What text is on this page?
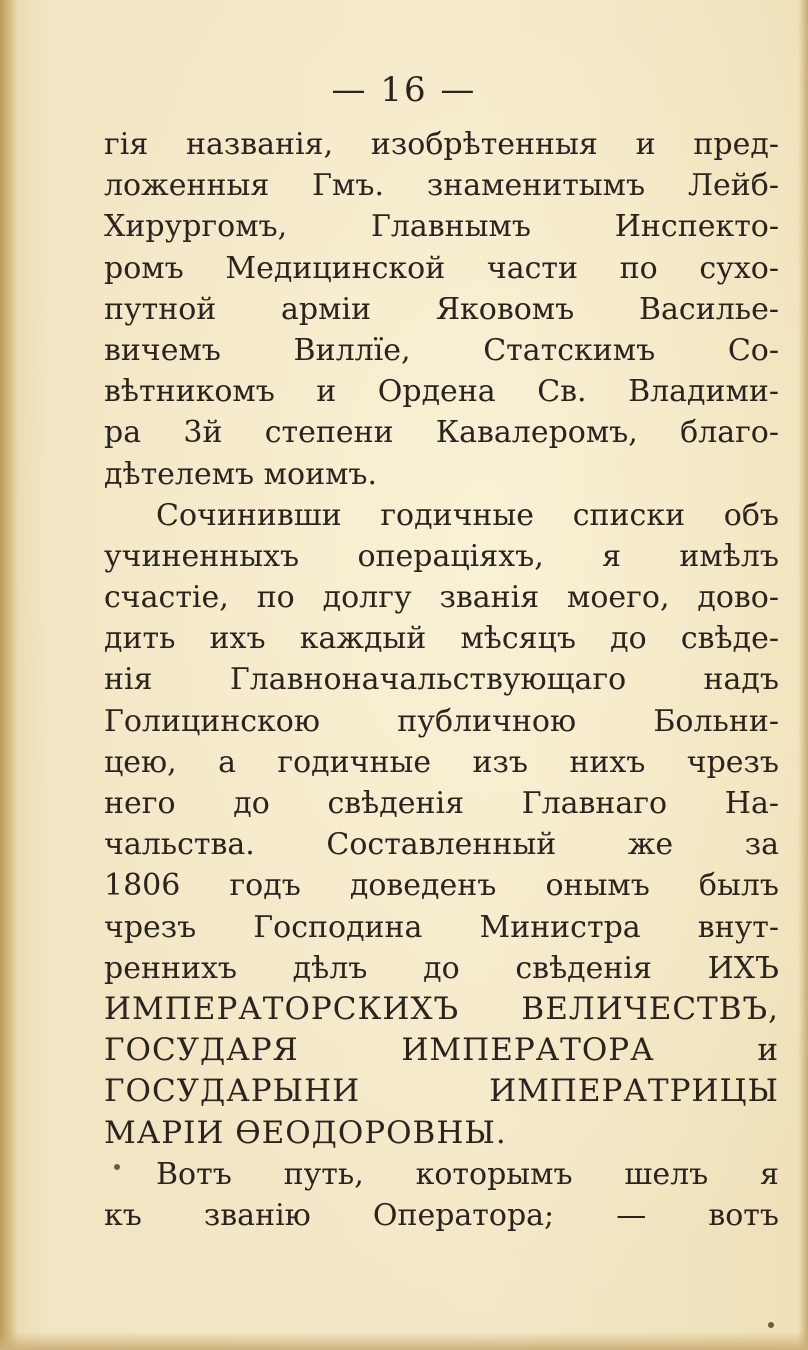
— 16 —
гія названія, изобрѣтенныя и пред-
ложенныя Гмъ. знаменитымъ Лейб-
Хирургомъ, Главнымъ Инспекто-
ромъ Медицинской части по сухо-
путной арміи Яковомъ Василье-
вичемъ Виллїе, Статскимъ Со-
вѣтникомъ и Ордена Св. Владими-
ра 3й степени Кавалеромъ, благо-
дѣтелемъ моимъ.
Сочинивши годичные списки объ
учиненныхъ операціяхъ, я имѣлъ
счастіе, по долгу званія моего, дово-
дить ихъ каждый мѣсяцъ до свѣде-
нія Главноначальствующаго надъ
Голицинскою публичною Больни-
цею, а годичные изъ нихъ чрезъ
него до свѣденія Главнаго На-
чальства. Составленный же за
1806 годъ доведенъ онымъ былъ
чрезъ Господина Министра внут-
реннихъ дѣлъ до свѣденія ИХЪ
ИМПЕРАТОРСКИХЪ ВЕЛИЧЕСТВЪ,
ГОСУДАРЯ ИМПЕРАТОРА и
ГОСУДАРЫНИ ИМПЕРАТРИЦЫ
МАРІИ ѲЕОДОРОВНЫ.
Вотъ путь, которымъ шелъ я
къ званію Оператора; — вотъ
